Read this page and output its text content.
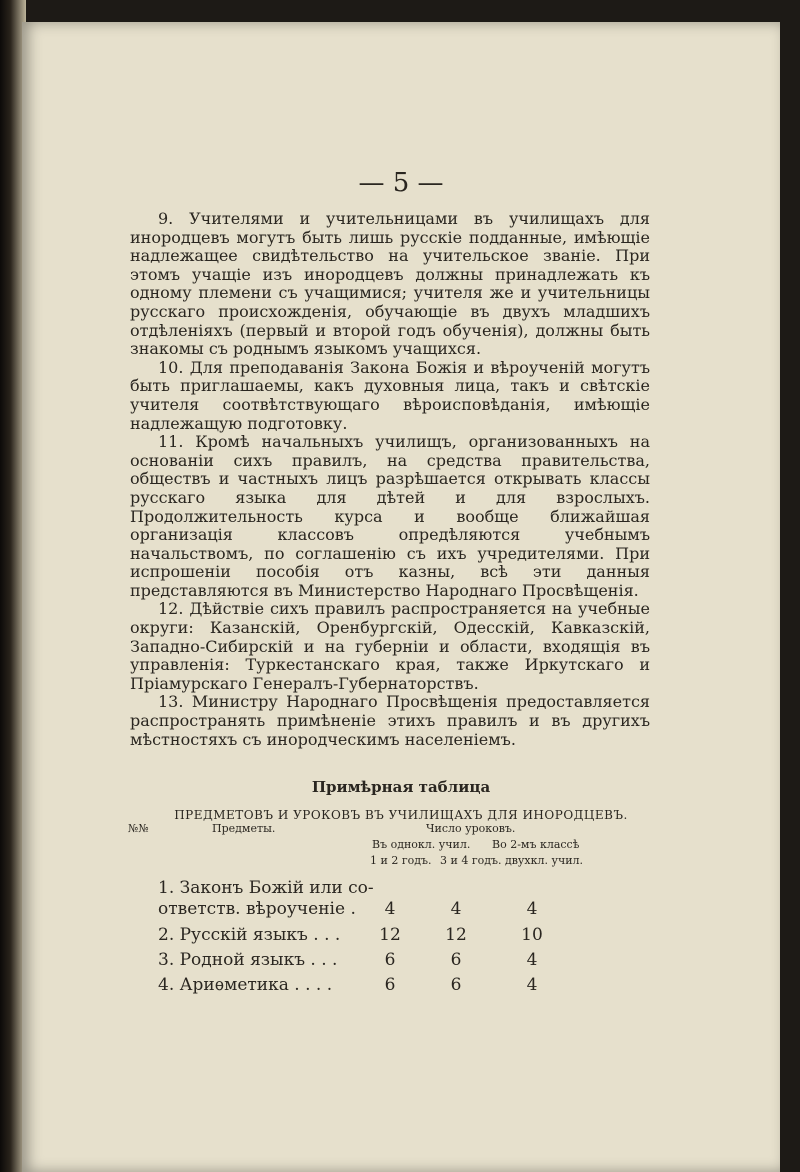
— 5 —

9. Учителями и учительницами въ училищахъ для инородцевъ могутъ быть лишь русскіе подданные, имѣющіе надлежащее свидѣтельство на учительское званіе. При этомъ учащіе изъ инородцевъ должны принадлежать къ одному племени съ учащимися; учителя же и учительницы русскаго происхожденія, обучающіе въ двухъ младшихъ отдѣленіяхъ (первый и второй годъ обученія), должны быть знакомы съ роднымъ языкомъ учащихся.

10. Для преподаванія Закона Божія и вѣроученій могутъ быть приглашаемы, какъ духовныя лица, такъ и свѣтскіе учителя соотвѣтствующаго вѣроисповѣданія, имѣющіе надлежащую подготовку.

11. Кромѣ начальныхъ училищъ, организованныхъ на основаніи сихъ правилъ, на средства правительства, обществъ и частныхъ лицъ разрѣшается открывать классы русскаго языка для дѣтей и для взрослыхъ. Продолжительность курса и вообще ближайшая организація классовъ опредѣляются учебнымъ начальствомъ, по соглашенію съ ихъ учредителями. При испрошеніи пособія отъ казны, всѣ эти данныя представляются въ Министерство Народнаго Просвѣщенія.

12. Дѣйствіе сихъ правилъ распространяется на учебные округи: Казанскій, Оренбургскій, Одесскій, Кавказскій, Западно-Сибирскій и на губерніи и области, входящія въ управленія: Туркестанскаго края, также Иркутскаго и Пріамурскаго Генералъ-Губернаторствъ.

13. Министру Народнаго Просвѣщенія предоставляется распространять примѣненіе этихъ правилъ и въ другихъ мѣстностяхъ съ инородческимъ населеніемъ.

Примѣрная таблица
ПРЕДМЕТОВЪ И УРОКОВЪ ВЪ УЧИЛИЩАХЪ ДЛЯ ИНОРОДЦЕВЪ.
№№	Предметы.	Число уроковъ.
Въ однокл. учил. Во 2-мъ классѣ
1 и 2 годъ. 3 и 4 годъ. двухкл. учил.
1. Законъ Божій или со-
ответств. вѣроученіе .	4	4	4
2. Русскій языкъ . . .	12	12	10
3. Родной языкъ . . .	6	6	4
4. Ариѳметика . . . .	6	6	4
